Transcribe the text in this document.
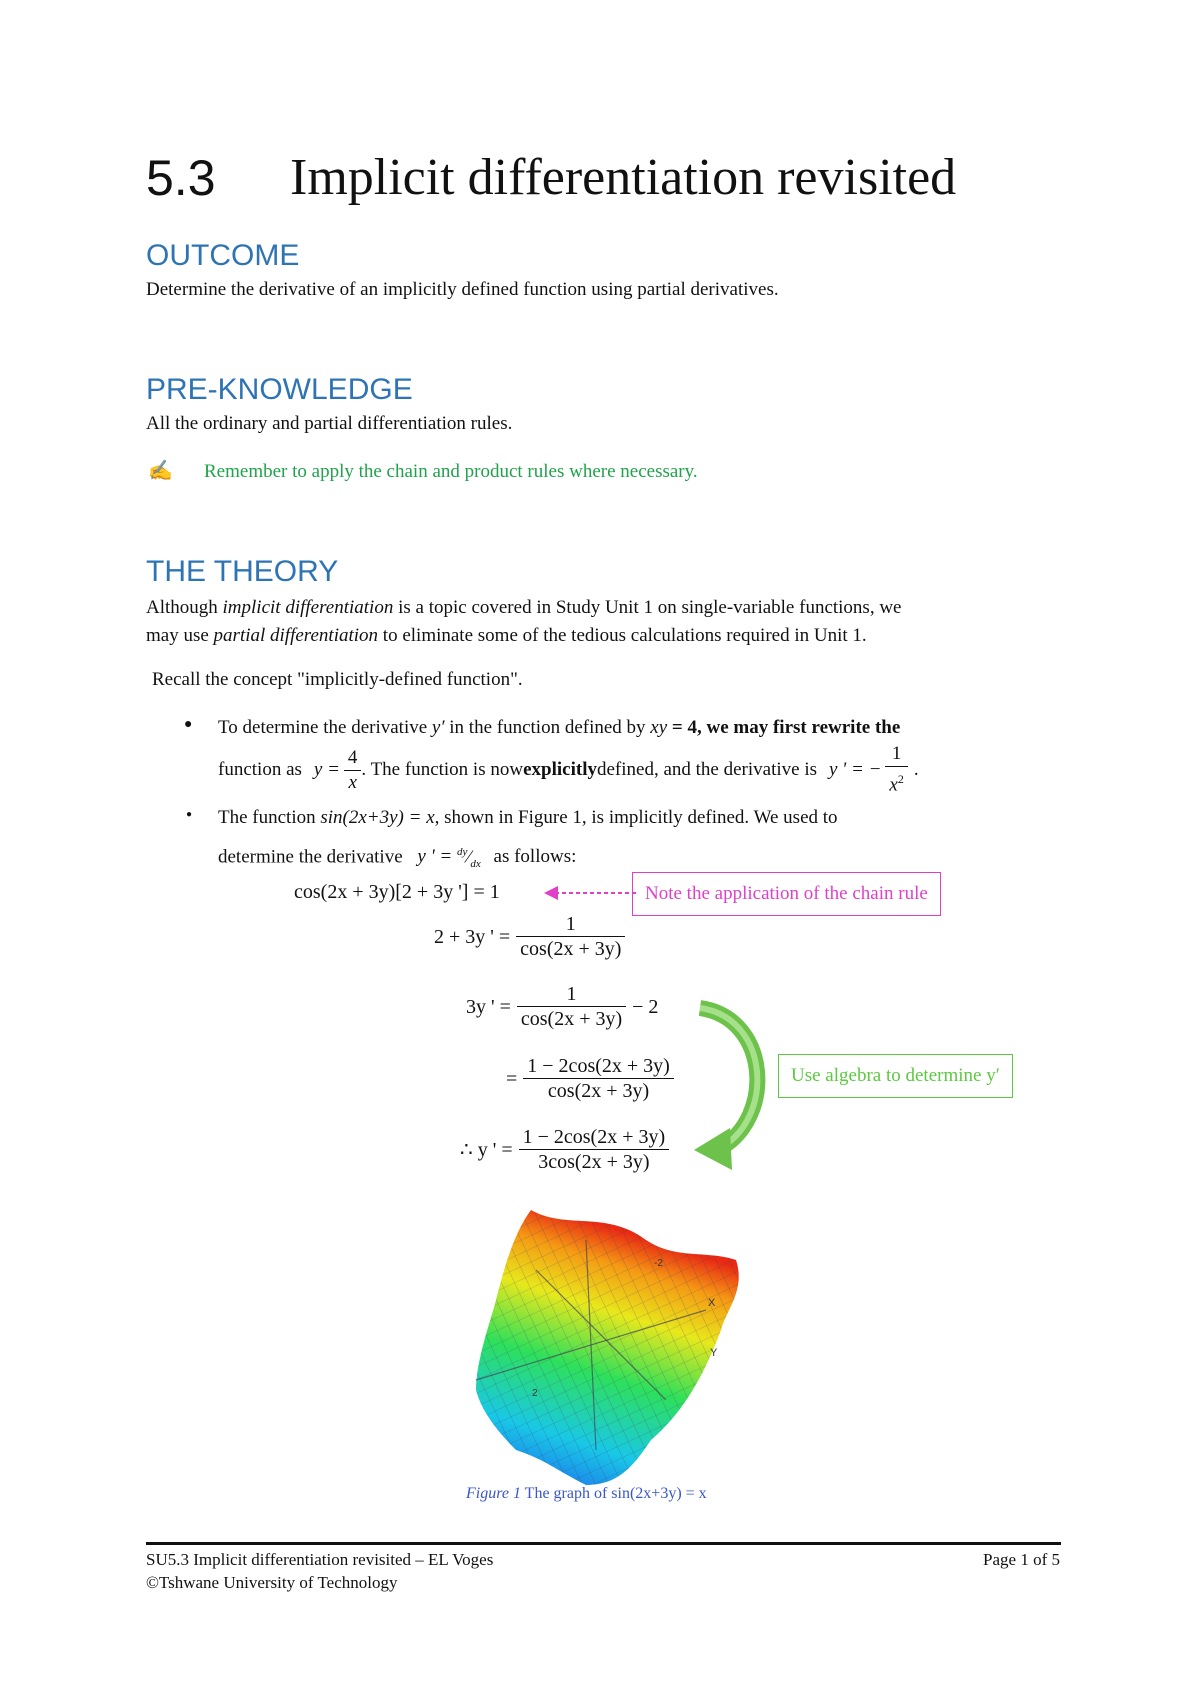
5.3 Implicit differentiation revisited
OUTCOME
Determine the derivative of an implicitly defined function using partial derivatives.
PRE-KNOWLEDGE
All the ordinary and partial differentiation rules.
✍ Remember to apply the chain and product rules where necessary.
THE THEORY
Although implicit differentiation is a topic covered in Study Unit 1 on single-variable functions, we
may use partial differentiation to eliminate some of the tedious calculations required in Unit 1.
Recall the concept "implicitly-defined function".
● To determine the derivative y′ in the function defined by xy = 4, we may first rewrite the
function as $y = \frac{4}{x}$ . The function is now explicitly defined, and the derivative is y ' = − $\frac{1}{x^2}$ .
● The function sin(2x+3y) = x, shown in Figure 1, is implicitly defined. We used to
determine the derivative y ' = $^{dy}⁄_{dx}$ as follows:
cos(2x + 3y)[2 + 3y '] = 1
2 + 3y ' = $\frac{1}{\cos(2x + 3y)}$
3y ' = $\frac{1}{\cos(2x + 3y)} - 2$
= $\frac{1 - 2\cos(2x + 3y)}{\cos(2x + 3y)}$
∴ y ' = $\frac{1 - 2\cos(2x + 3y)}{3\cos(2x + 3y)}$
Note the application of the chain rule
Use algebra to determine y′
X
Y
-2
2
Figure 1 The graph of sin(2x+3y) = x
SU5.3 Implicit differentiation revisited – EL Voges
©Tshwane University of Technology
Page 1 of 5
